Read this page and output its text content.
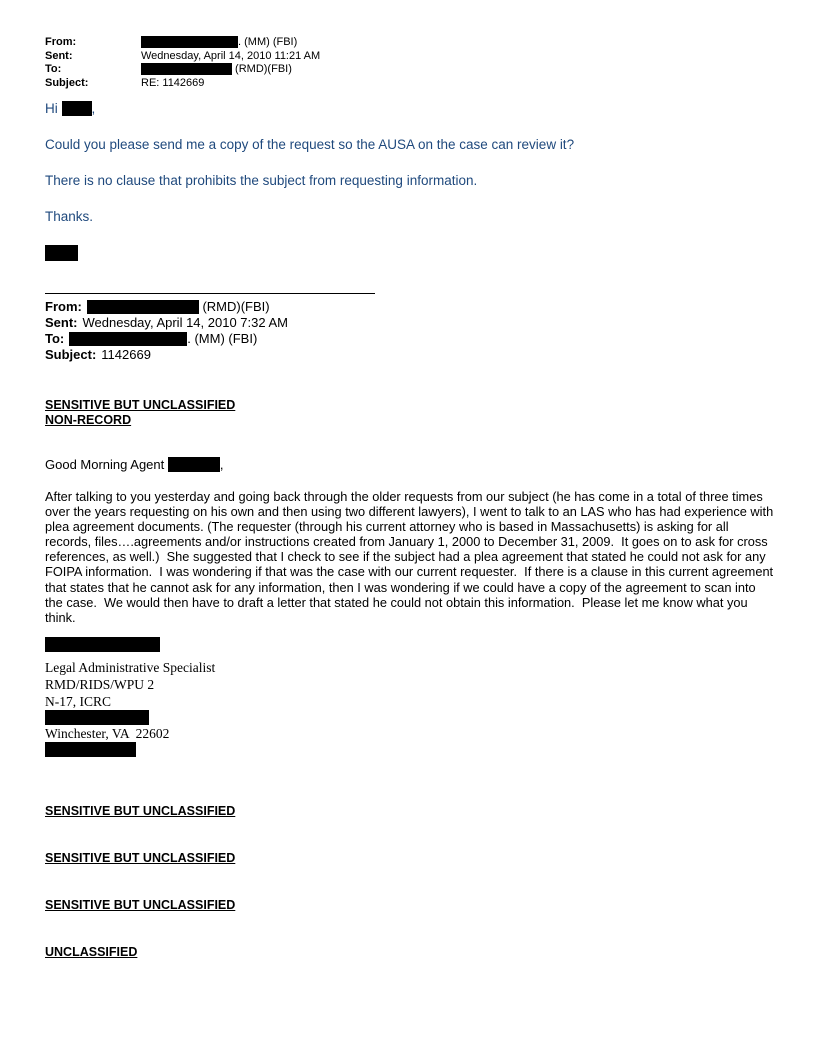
From:	. (MM) (FBI)
Sent:	Wednesday, April 14, 2010 11:21 AM
To:	(RMD)(FBI)
Subject:	RE: 1142669
Hi ,
Could you please send me a copy of the request so the AUSA on the case can review it?
There is no clause that prohibits the subject from requesting information.
Thanks.
From:	(RMD)(FBI)
Sent: Wednesday, April 14, 2010 7:32 AM
To:	. (MM) (FBI)
Subject: 1142669
SENSITIVE BUT UNCLASSIFIED
NON-RECORD
Good Morning Agent	,
After talking to you yesterday and going back through the older requests from our subject (he has come in a total of three times over the years requesting on his own and then using two different lawyers), I went to talk to an LAS who has had experience with plea agreement documents. (The requester (through his current attorney who is based in Massachusetts) is asking for all records, files….agreements and/or instructions created from January 1, 2000 to December 31, 2009.  It goes on to ask for cross references, as well.)  She suggested that I check to see if the subject had a plea agreement that stated he could not ask for any FOIPA information.  I was wondering if that was the case with our current requester.  If there is a clause in this current agreement that states that he cannot ask for any information, then I was wondering if we could have a copy of the agreement to scan into the case.  We would then have to draft a letter that stated he could not obtain this information.  Please let me know what you think.
Legal Administrative Specialist
RMD/RIDS/WPU 2
N-17, ICRC
Winchester, VA  22602
SENSITIVE BUT UNCLASSIFIED
SENSITIVE BUT UNCLASSIFIED
SENSITIVE BUT UNCLASSIFIED
UNCLASSIFIED
